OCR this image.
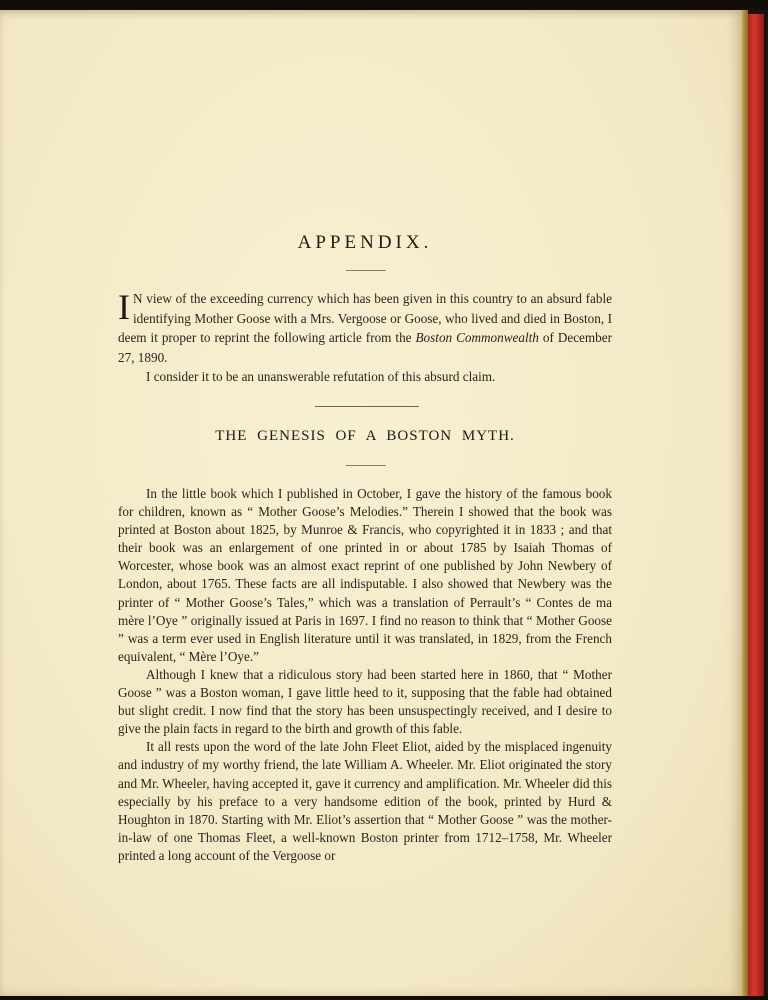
APPENDIX.

I N view of the exceeding currency which has been given in this country to an absurd fable identifying Mother Goose with a Mrs. Vergoose or Goose, who lived and died in Boston, I deem it proper to reprint the following article from the Boston Commonwealth of December 27, 1890.

I consider it to be an unanswerable refutation of this absurd claim.

THE GENESIS OF A BOSTON MYTH.

In the little book which I published in October, I gave the history of the famous book for children, known as “ Mother Goose’s Melodies.” Therein I showed that the book was printed at Boston about 1825, by Munroe & Francis, who copyrighted it in 1833 ; and that their book was an enlargement of one printed in or about 1785 by Isaiah Thomas of Worcester, whose book was an almost exact reprint of one published by John Newbery of London, about 1765. These facts are all indisputable. I also showed that Newbery was the printer of “ Mother Goose’s Tales,” which was a translation of Perrault’s “ Contes de ma mère l’Oye ” originally issued at Paris in 1697. I find no reason to think that “ Mother Goose ” was a term ever used in English literature until it was translated, in 1829, from the French equivalent, “ Mère l’Oye.”

Although I knew that a ridiculous story had been started here in 1860, that “ Mother Goose ” was a Boston woman, I gave little heed to it, supposing that the fable had obtained but slight credit. I now find that the story has been unsuspectingly received, and I desire to give the plain facts in regard to the birth and growth of this fable.

It all rests upon the word of the late John Fleet Eliot, aided by the misplaced ingenuity and industry of my worthy friend, the late William A. Wheeler. Mr. Eliot originated the story and Mr. Wheeler, having accepted it, gave it currency and amplification. Mr. Wheeler did this especially by his preface to a very handsome edition of the book, printed by Hurd & Houghton in 1870. Starting with Mr. Eliot’s assertion that “ Mother Goose ” was the mother-in-law of one Thomas Fleet, a well-known Boston printer from 1712–1758, Mr. Wheeler printed a long account of the Vergoose or
